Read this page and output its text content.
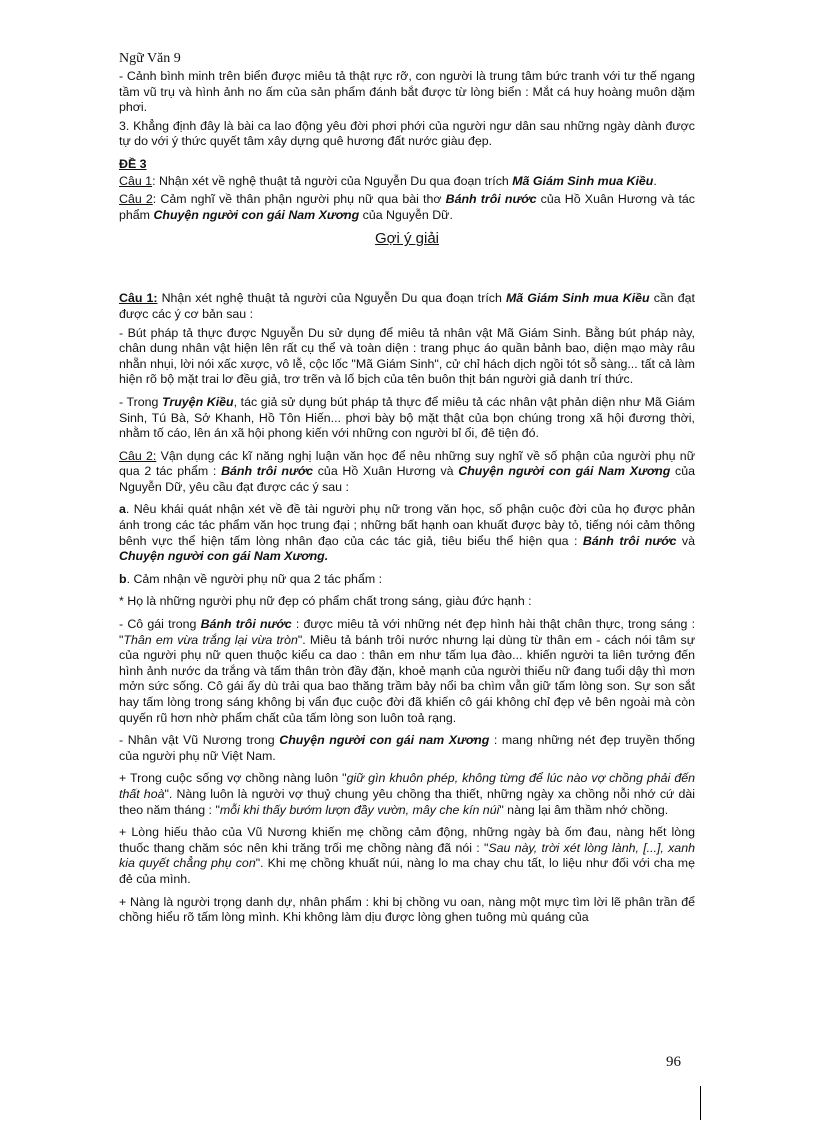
Ngữ Văn 9

- Cảnh bình minh trên biển được miêu tả thật rực rỡ, con người là trung tâm bức tranh với tư thế ngang tầm vũ trụ và hình ảnh no ấm của sản phẩm đánh bắt được từ lòng biển : Mắt cá huy hoàng muôn dặm phơi.

3. Khẳng định đây là bài ca lao động yêu đời phơi phới của người ngư dân sau những ngày dành được tự do với ý thức quyết tâm xây dựng quê hương đất nước giàu đẹp.

ĐỀ 3

Câu 1: Nhận xét về nghệ thuật tả người của Nguyễn Du qua đoạn trích Mã Giám Sinh mua Kiều.

Câu 2: Cảm nghĩ về thân phận người phụ nữ qua bài thơ Bánh trôi nước của Hồ Xuân Hương và tác phẩm Chuyện người con gái Nam Xương của Nguyễn Dữ.

Gợi ý giải

Câu 1: Nhận xét nghệ thuật tả người của Nguyễn Du qua đoạn trích Mã Giám Sinh mua Kiều cần đạt được các ý cơ bản sau :

- Bút pháp tả thực được Nguyễn Du sử dụng để miêu tả nhân vật Mã Giám Sinh. Bằng bút pháp này, chân dung nhân vật hiện lên rất cụ thể và toàn diện : trang phục áo quần bảnh bao, diện mạo mày râu nhẵn nhụi, lời nói xấc xược, vô lễ, cộc lốc "Mã Giám Sinh", cử chỉ hách dịch ngồi tót sỗ sàng... tất cả làm hiện rõ bộ mặt trai lơ đều giả, trơ trẽn và lố bịch của tên buôn thịt bán người giả danh trí thức.

- Trong Truyện Kiều, tác giả sử dụng bút pháp tả thực để miêu tả các nhân vật phản diện như Mã Giám Sinh, Tú Bà, Sở Khanh, Hồ Tôn Hiến... phơi bày bộ mặt thật của bọn chúng trong xã hội đương thời, nhằm tố cáo, lên án xã hội phong kiến với những con người bỉ ổi, đê tiện đó.

Câu 2: Vận dụng các kĩ năng nghị luận văn học để nêu những suy nghĩ về số phận của người phụ nữ qua 2 tác phẩm : Bánh trôi nước của Hồ Xuân Hương và Chuyện người con gái Nam Xương của Nguyễn Dữ, yêu cầu đạt được các ý sau :

a. Nêu khái quát nhận xét về đề tài người phụ nữ trong văn học, số phận cuộc đời của họ được phản ánh trong các tác phẩm văn học trung đại ; những bất hạnh oan khuất được bày tỏ, tiếng nói cảm thông bênh vực thể hiện tấm lòng nhân đạo của các tác giả, tiêu biểu thể hiện qua : Bánh trôi nước và Chuyện người con gái Nam Xương.

b. Cảm nhận về người phụ nữ qua 2 tác phẩm :

* Họ là những người phụ nữ đẹp có phẩm chất trong sáng, giàu đức hạnh :

- Cô gái trong Bánh trôi nước : được miêu tả với những nét đẹp hình hài thật chân thực, trong sáng : "Thân em vừa trắng lại vừa tròn". Miêu tả bánh trôi nước nhưng lại dùng từ thân em - cách nói tâm sự của người phụ nữ quen thuộc kiểu ca dao : thân em như tấm lụa đào... khiến người ta liên tưởng đến hình ảnh nước da trắng và tấm thân tròn đầy đặn, khoẻ mạnh của người thiếu nữ đang tuổi dậy thì mơn mởn sức sống. Cô gái ấy dù trải qua bao thăng trầm bảy nổi ba chìm vẫn giữ tấm lòng son. Sự son sắt hay tấm lòng trong sáng không bị vẩn đục cuộc đời đã khiến cô gái không chỉ đẹp vẻ bên ngoài mà còn quyến rũ hơn nhờ phẩm chất của tấm lòng son luôn toả rạng.

- Nhân vật Vũ Nương trong Chuyện người con gái nam Xương : mang những nét đẹp truyền thống của người phụ nữ Việt Nam.

+ Trong cuộc sống vợ chồng nàng luôn "giữ gìn khuôn phép, không từng để lúc nào vợ chồng phải đến thất hoà". Nàng luôn là người vợ thuỷ chung yêu chồng tha thiết, những ngày xa chồng nỗi nhớ cứ dài theo năm tháng : "mỗi khi thấy bướm lượn đầy vườn, mây che kín núi" nàng lại âm thầm nhớ chồng.

+ Lòng hiếu thảo của Vũ Nương khiến mẹ chồng cảm động, những ngày bà ốm đau, nàng hết lòng thuốc thang chăm sóc nên khi trăng trối mẹ chồng nàng đã nói : "Sau này, trời xét lòng lành, [...], xanh kia quyết chẳng phụ con". Khi mẹ chồng khuất núi, nàng lo ma chay chu tất, lo liệu như đối với cha mẹ đẻ của mình.

+ Nàng là người trọng danh dự, nhân phẩm : khi bị chồng vu oan, nàng một mực tìm lời lẽ phân trần để chồng hiểu rõ tấm lòng mình. Khi không làm dịu được lòng ghen tuông mù quáng của

96
